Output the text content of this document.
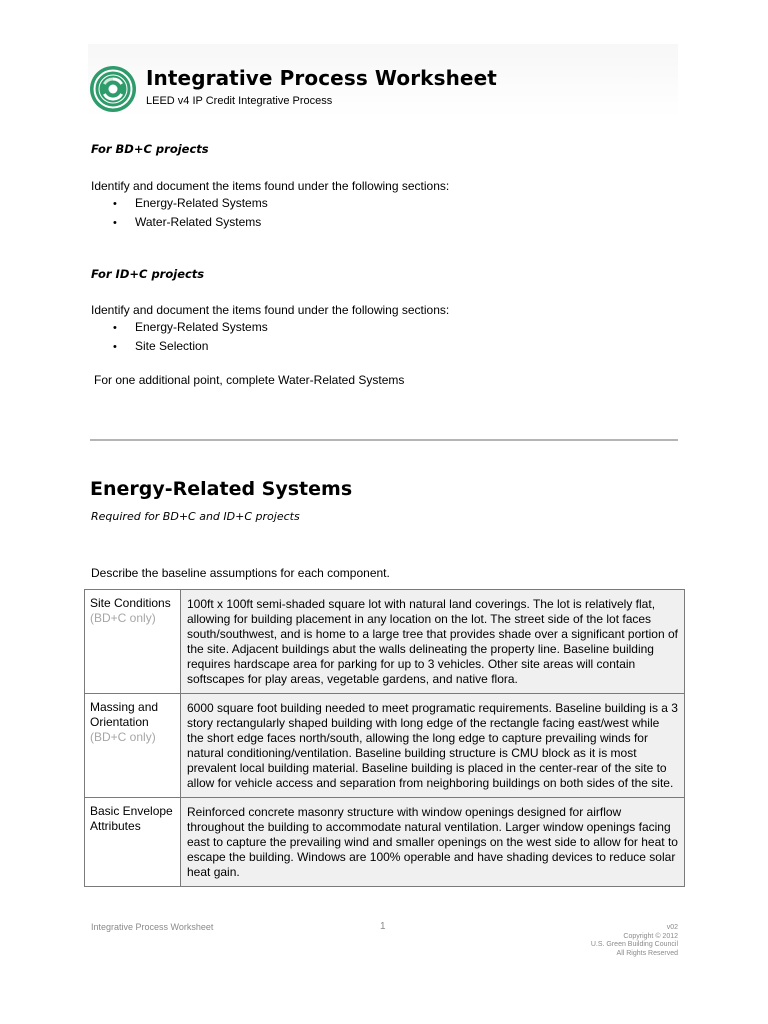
Integrative Process Worksheet
LEED v4 IP Credit Integrative Process
For BD+C projects
Identify and document the items found under the following sections:
• Energy-Related Systems
• Water-Related Systems
For ID+C projects
Identify and document the items found under the following sections:
• Energy-Related Systems
• Site Selection
For one additional point, complete Water-Related Systems
Energy-Related Systems
Required for BD+C and ID+C projects
Describe the baseline assumptions for each component.
Site Conditions
(BD+C only)
100ft x 100ft semi-shaded square lot with natural land coverings. The lot is relatively flat, allowing for building placement in any location on the lot. The street side of the lot faces south/southwest, and is home to a large tree that provides shade over a significant portion of the site. Adjacent buildings abut the walls delineating the property line. Baseline building requires hardscape area for parking for up to 3 vehicles. Other site areas will contain softscapes for play areas, vegetable gardens, and native flora.
Massing and Orientation
(BD+C only)
6000 square foot building needed to meet programatic requirements. Baseline building is a 3 story rectangularly shaped building with long edge of the rectangle facing east/west while the short edge faces north/south, allowing the long edge to capture prevailing winds for natural conditioning/ventilation. Baseline building structure is CMU block as it is most prevalent local building material. Baseline building is placed in the center-rear of the site to allow for vehicle access and separation from neighboring buildings on both sides of the site.
Basic Envelope Attributes
Reinforced concrete masonry structure with window openings designed for airflow throughout the building to accommodate natural ventilation. Larger window openings facing east to capture the prevailing wind and smaller openings on the west side to allow for heat to escape the building. Windows are 100% operable and have shading devices to reduce solar heat gain.
Integrative Process Worksheet	1	v02
Copyright © 2012
U.S. Green Building Council
All Rights Reserved
